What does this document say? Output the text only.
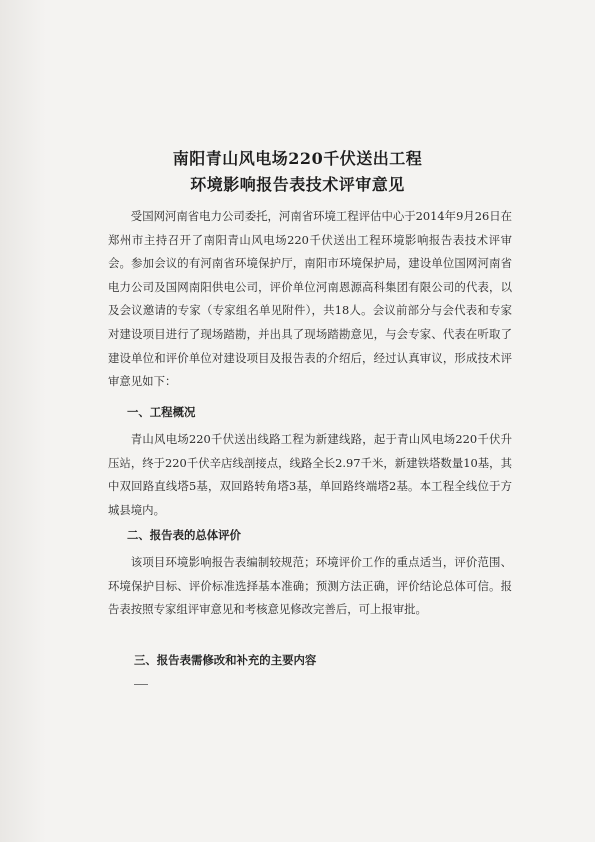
南阳青山风电场220千伏送出工程
环境影响报告表技术评审意见
受国网河南省电力公司委托，河南省环境工程评估中心于2014年9月26日在郑州市主持召开了南阳青山风电场220千伏送出工程环境影响报告表技术评审会。参加会议的有河南省环境保护厅，南阳市环境保护局，建设单位国网河南省电力公司及国网南阳供电公司，评价单位河南恩源高科集团有限公司的代表，以及会议邀请的专家（专家组名单见附件），共18人。会议前部分与会代表和专家对建设项目进行了现场踏勘，并出具了现场踏勘意见，与会专家、代表在听取了建设单位和评价单位对建设项目及报告表的介绍后，经过认真审议，形成技术评审意见如下：
一、工程概况
青山风电场220千伏送出线路工程为新建线路，起于青山风电场220千伏升压站，终于220千伏辛店线剖接点，线路全长2.97千米，新建铁塔数量10基，其中双回路直线塔5基，双回路转角塔3基，单回路终端塔2基。本工程全线位于方城县境内。
二、报告表的总体评价
该项目环境影响报告表编制较规范；环境评价工作的重点适当，评价范围、环境保护目标、评价标准选择基本准确；预测方法正确，评价结论总体可信。报告表按照专家组评审意见和考核意见修改完善后，可上报审批。
三、报告表需修改和补充的主要内容
